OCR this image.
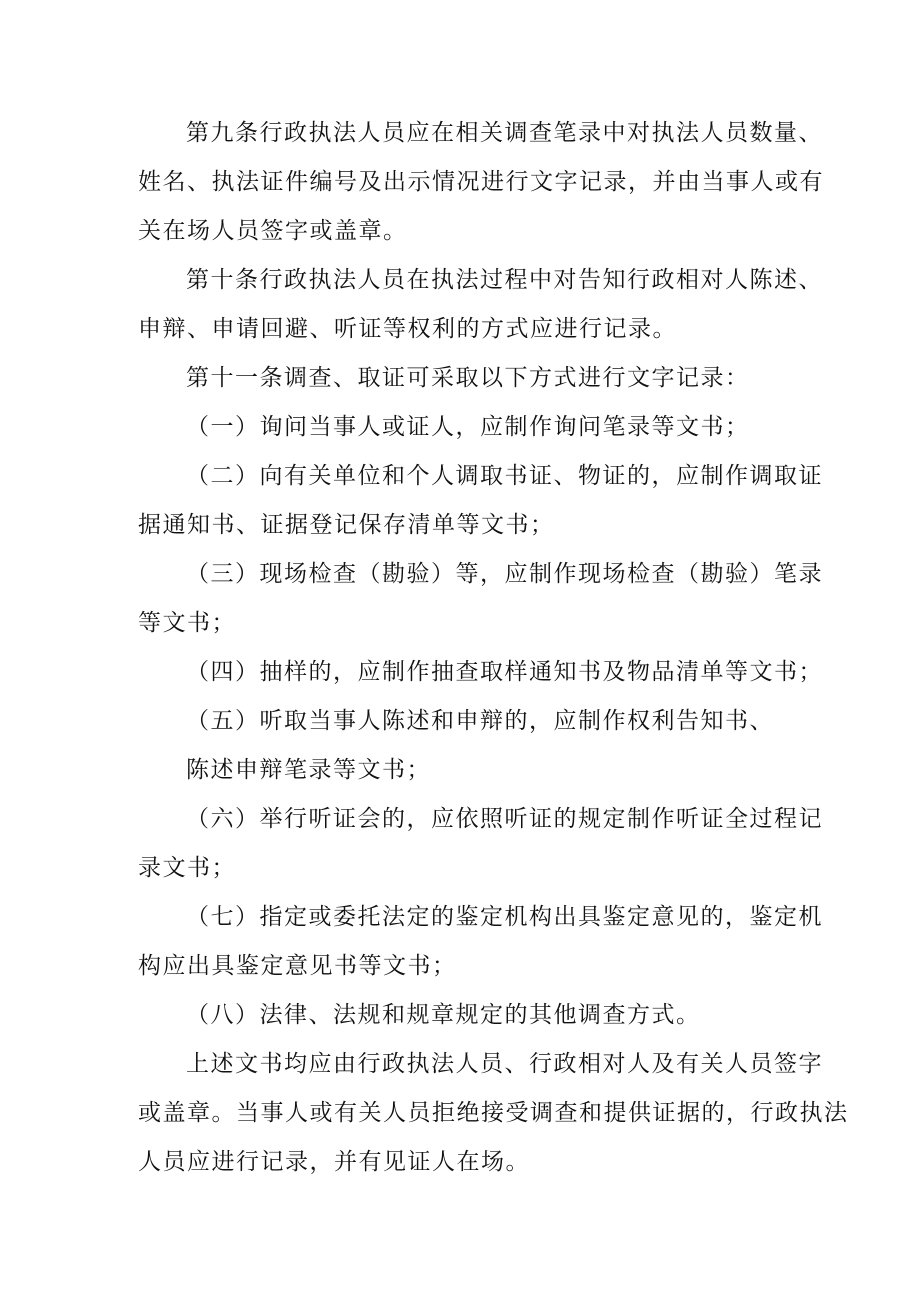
第九条行政执法人员应在相关调查笔录中对执法人员数量、
姓名、执法证件编号及出示情况进行文字记录，并由当事人或有
关在场人员签字或盖章。
第十条行政执法人员在执法过程中对告知行政相对人陈述、
申辩、申请回避、听证等权利的方式应进行记录。
第十一条调查、取证可采取以下方式进行文字记录：
（一）询问当事人或证人，应制作询问笔录等文书；
（二）向有关单位和个人调取书证、物证的，应制作调取证
据通知书、证据登记保存清单等文书；
（三）现场检查（勘验）等，应制作现场检查（勘验）笔录
等文书；
（四）抽样的，应制作抽查取样通知书及物品清单等文书；
（五）听取当事人陈述和申辩的，应制作权利告知书、
陈述申辩笔录等文书；
（六）举行听证会的，应依照听证的规定制作听证全过程记
录文书；
（七）指定或委托法定的鉴定机构出具鉴定意见的，鉴定机
构应出具鉴定意见书等文书；
（八）法律、法规和规章规定的其他调查方式。
上述文书均应由行政执法人员、行政相对人及有关人员签字
或盖章。当事人或有关人员拒绝接受调查和提供证据的，行政执法
人员应进行记录，并有见证人在场。
